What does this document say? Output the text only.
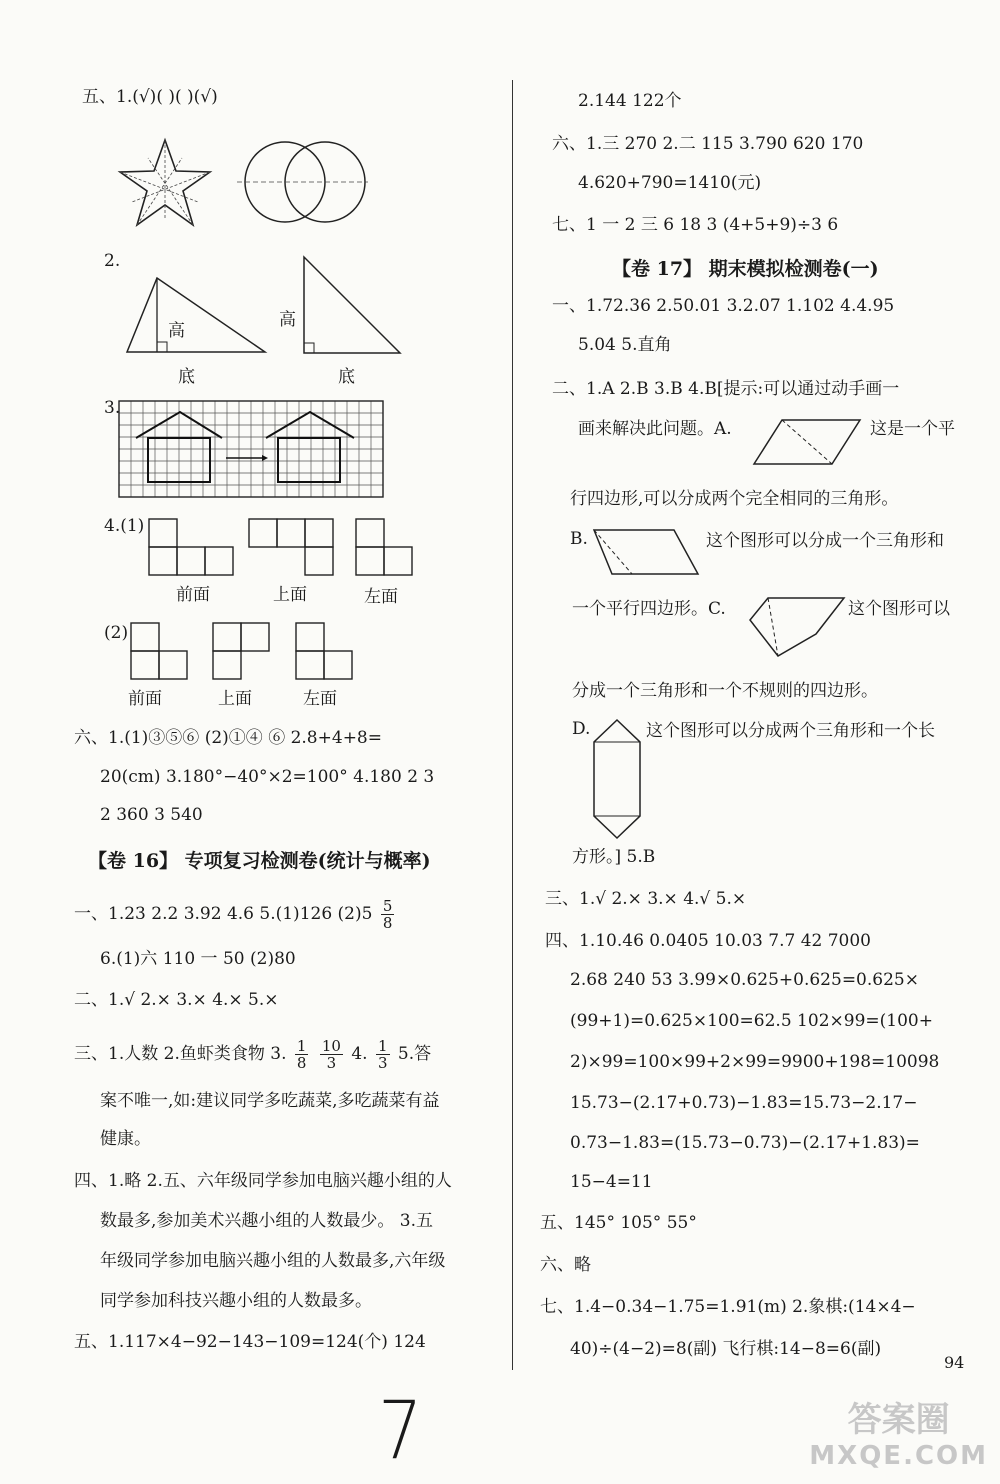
五、1.(√)( )( )(√)
2.
高
底
高
底
3.
4.(1)
前面	上面	左面
(2)
前面	上面	左面
六、1.(1)③⑤⑥ (2)①④ ⑥ 2.8+4+8=
20(cm) 3.180°−40°×2=100° 4.180 2 3
2 360 3 540
【卷 16】 专项复习检测卷(统计与概率)
一、1.23 2.2 3.92 4.6 5.(1)126 $(2)5 \frac{5}{8}$
6.(1)六 110 一 50 (2)80
二、1.√ 2.× 3.× 4.× 5.×
三、1.人数 2.鱼虾类食物 3. $\frac{1}{8}$
$\frac{10}{3} 4$. $\frac{1}{3} 5$.答
案不唯一,如:建议同学多吃蔬菜,多吃蔬菜有益
健康。
四、1.略 2.五、六年级同学参加电脑兴趣小组的人
数最多,参加美术兴趣小组的人数最少。 3.五
年级同学参加电脑兴趣小组的人数最多,六年级
同学参加科技兴趣小组的人数最多。
五、1.117×4−92−143−109=124(个) 124
2.144 122个
六、1.三 270 2.二 115 3.790 620 170
4.620+790=1410(元)
七、1 一 2 三 6 18 3 (4+5+9)÷3 6
【卷 17】 期末模拟检测卷(一)
一、1.72.36 2.50.01 3.2.07 1.102 4.4.95
5.04 5.直角
二、1.A 2.B 3.B 4.B[提示:可以通过动手画一
画来解决此问题。A.	这是一个平
行四边形,可以分成两个完全相同的三角形。
B.	这个图形可以分成一个三角形和
一个平行四边形。C.	这个图形可以
分成一个三角形和一个不规则的四边形。
D.	这个图形可以分成两个三角形和一个长
方形。] 5.B
三、1.√ 2.× 3.× 4.√ 5.×
四、1.10.46 0.0405 10.03 7.7 42 7000
2.68 240 53 3.99×0.625+0.625=0.625×
(99+1)=0.625×100=62.5 102×99=(100+
2)×99=100×99+2×99=9900+198=10098
15.73−(2.17+0.73)−1.83=15.73−2.17−
0.73−1.83=(15.73−0.73)−(2.17+1.83)=
15−4=11
五、145° 105° 55°
六、略
七、1.4−0.34−1.75=1.91(m) 2.象棋:(14×4−
40)÷(4−2)=8(副) 飞行棋:14−8=6(副)
94
7	答案圈
MXQE.COM
